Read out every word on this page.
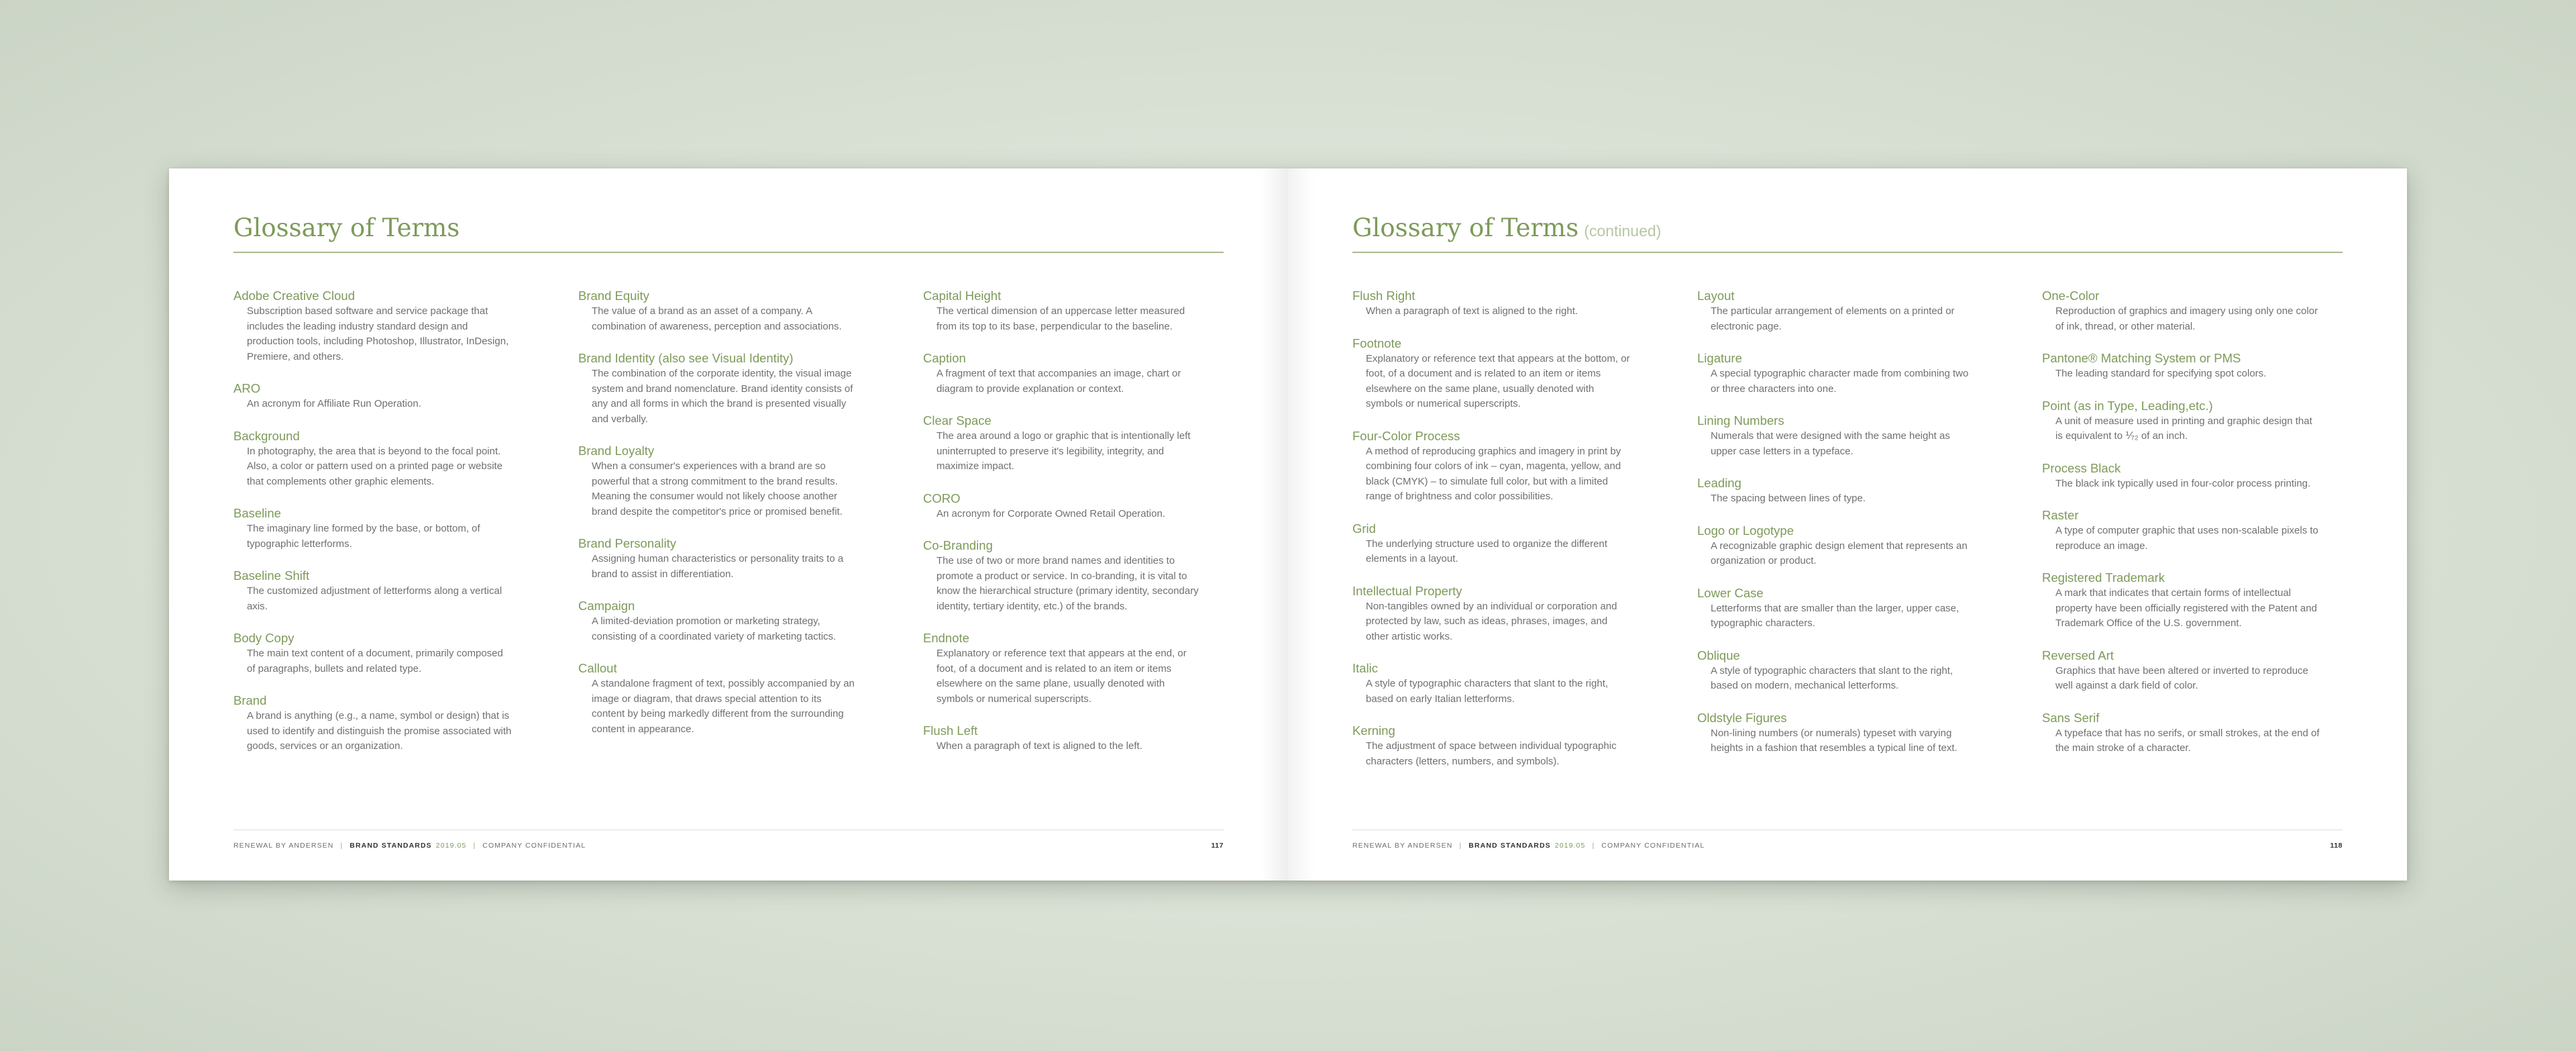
Glossary of Terms
Adobe Creative Cloud
Subscription based software and service package that includes the leading industry standard design and production tools, including Photoshop, Illustrator, InDesign, Premiere, and others.
ARO
An acronym for Affiliate Run Operation.
Background
In photography, the area that is beyond to the focal point. Also, a color or pattern used on a printed page or website that complements other graphic elements.
Baseline
The imaginary line formed by the base, or bottom, of typographic letterforms.
Baseline Shift
The customized adjustment of letterforms along a vertical axis.
Body Copy
The main text content of a document, primarily composed of paragraphs, bullets and related type.
Brand
A brand is anything (e.g., a name, symbol or design) that is used to identify and distinguish the promise associated with goods, services or an organization.
Brand Equity
The value of a brand as an asset of a company. A combination of awareness, perception and associations.
Brand Identity (also see Visual Identity)
The combination of the corporate identity, the visual image system and brand nomenclature. Brand identity consists of any and all forms in which the brand is presented visually and verbally.
Brand Loyalty
When a consumer's experiences with a brand are so powerful that a strong commitment to the brand results. Meaning the consumer would not likely choose another brand despite the competitor's price or promised benefit.
Brand Personality
Assigning human characteristics or personality traits to a brand to assist in differentiation.
Campaign
A limited-deviation promotion or marketing strategy, consisting of a coordinated variety of marketing tactics.
Callout
A standalone fragment of text, possibly accompanied by an image or diagram, that draws special attention to its content by being markedly different from the surrounding content in appearance.
Capital Height
The vertical dimension of an uppercase letter measured from its top to its base, perpendicular to the baseline.
Caption
A fragment of text that accompanies an image, chart or diagram to provide explanation or context.
Clear Space
The area around a logo or graphic that is intentionally left uninterrupted to preserve it's legibility, integrity, and maximize impact.
CORO
An acronym for Corporate Owned Retail Operation.
Co-Branding
The use of two or more brand names and identities to promote a product or service. In co-branding, it is vital to know the hierarchical structure (primary identity, secondary identity, tertiary identity, etc.) of the brands.
Endnote
Explanatory or reference text that appears at the end, or foot, of a document and is related to an item or items elsewhere on the same plane, usually denoted with symbols or numerical superscripts.
Flush Left
When a paragraph of text is aligned to the left.
RENEWAL BY ANDERSEN | BRAND STANDARDS 2019.05 | COMPANY CONFIDENTIAL	117
Glossary of Terms (continued)
Flush Right
When a paragraph of text is aligned to the right.
Footnote
Explanatory or reference text that appears at the bottom, or foot, of a document and is related to an item or items elsewhere on the same plane, usually denoted with symbols or numerical superscripts.
Four-Color Process
A method of reproducing graphics and imagery in print by combining four colors of ink – cyan, magenta, yellow, and black (CMYK) – to simulate full color, but with a limited range of brightness and color possibilities.
Grid
The underlying structure used to organize the different elements in a layout.
Intellectual Property
Non-tangibles owned by an individual or corporation and protected by law, such as ideas, phrases, images, and other artistic works.
Italic
A style of typographic characters that slant to the right, based on early Italian letterforms.
Kerning
The adjustment of space between individual typographic characters (letters, numbers, and symbols).
Layout
The particular arrangement of elements on a printed or electronic page.
Ligature
A special typographic character made from combining two or three characters into one.
Lining Numbers
Numerals that were designed with the same height as upper case letters in a typeface.
Leading
The spacing between lines of type.
Logo or Logotype
A recognizable graphic design element that represents an organization or product.
Lower Case
Letterforms that are smaller than the larger, upper case, typographic characters.
Oblique
A style of typographic characters that slant to the right, based on modern, mechanical letterforms.
Oldstyle Figures
Non-lining numbers (or numerals) typeset with varying heights in a fashion that resembles a typical line of text.
One-Color
Reproduction of graphics and imagery using only one color of ink, thread, or other material.
Pantone® Matching System or PMS
The leading standard for specifying spot colors.
Point (as in Type, Leading,etc.)
A unit of measure used in printing and graphic design that is equivalent to ⅟₇₂ of an inch.
Process Black
The black ink typically used in four-color process printing.
Raster
A type of computer graphic that uses non-scalable pixels to reproduce an image.
Registered Trademark
A mark that indicates that certain forms of intellectual property have been officially registered with the Patent and Trademark Office of the U.S. government.
Reversed Art
Graphics that have been altered or inverted to reproduce well against a dark field of color.
Sans Serif
A typeface that has no serifs, or small strokes, at the end of the main stroke of a character.
RENEWAL BY ANDERSEN | BRAND STANDARDS 2019.05 | COMPANY CONFIDENTIAL	118
